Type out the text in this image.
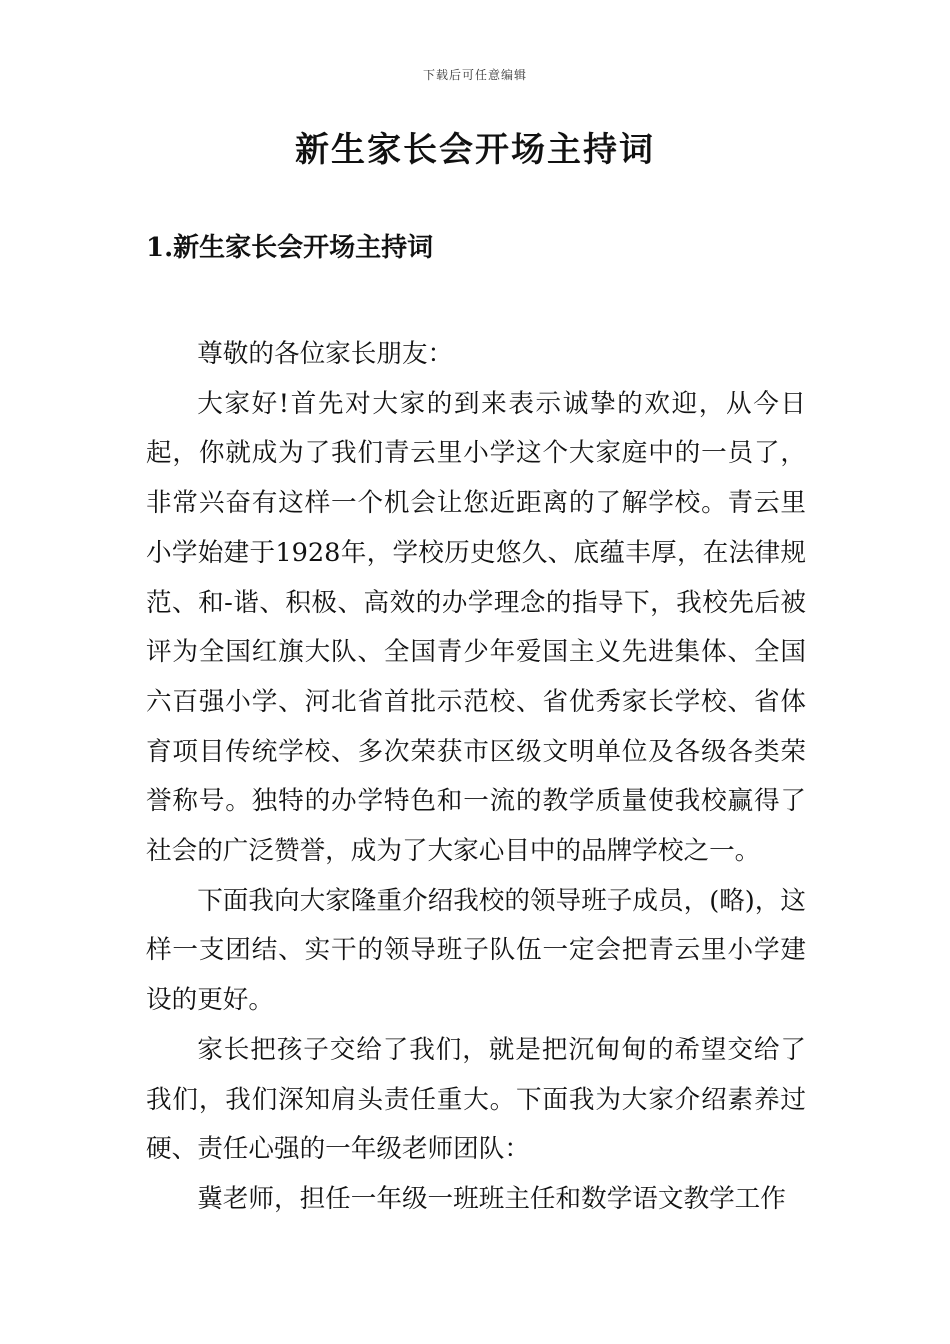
下载后可任意编辑
新生家长会开场主持词
1.新生家长会开场主持词

尊敬的各位家长朋友：

大家好!首先对大家的到来表示诚挚的欢迎，从今日起，你就成为了我们青云里小学这个大家庭中的一员了，非常兴奋有这样一个机会让您近距离的了解学校。青云里小学始建于1928年，学校历史悠久、底蕴丰厚，在法律规范、和-谐、积极、高效的办学理念的指导下，我校先后被评为全国红旗大队、全国青少年爱国主义先进集体、全国六百强小学、河北省首批示范校、省优秀家长学校、省体育项目传统学校、多次荣获市区级文明单位及各级各类荣誉称号。独特的办学特色和一流的教学质量使我校赢得了社会的广泛赞誉，成为了大家心目中的品牌学校之一。

下面我向大家隆重介绍我校的领导班子成员，(略)，这样一支团结、实干的领导班子队伍一定会把青云里小学建设的更好。

家长把孩子交给了我们，就是把沉甸甸的希望交给了我们，我们深知肩头责任重大。下面我为大家介绍素养过硬、责任心强的一年级老师团队：

冀老师，担任一年级一班班主任和数学语文教学工作
